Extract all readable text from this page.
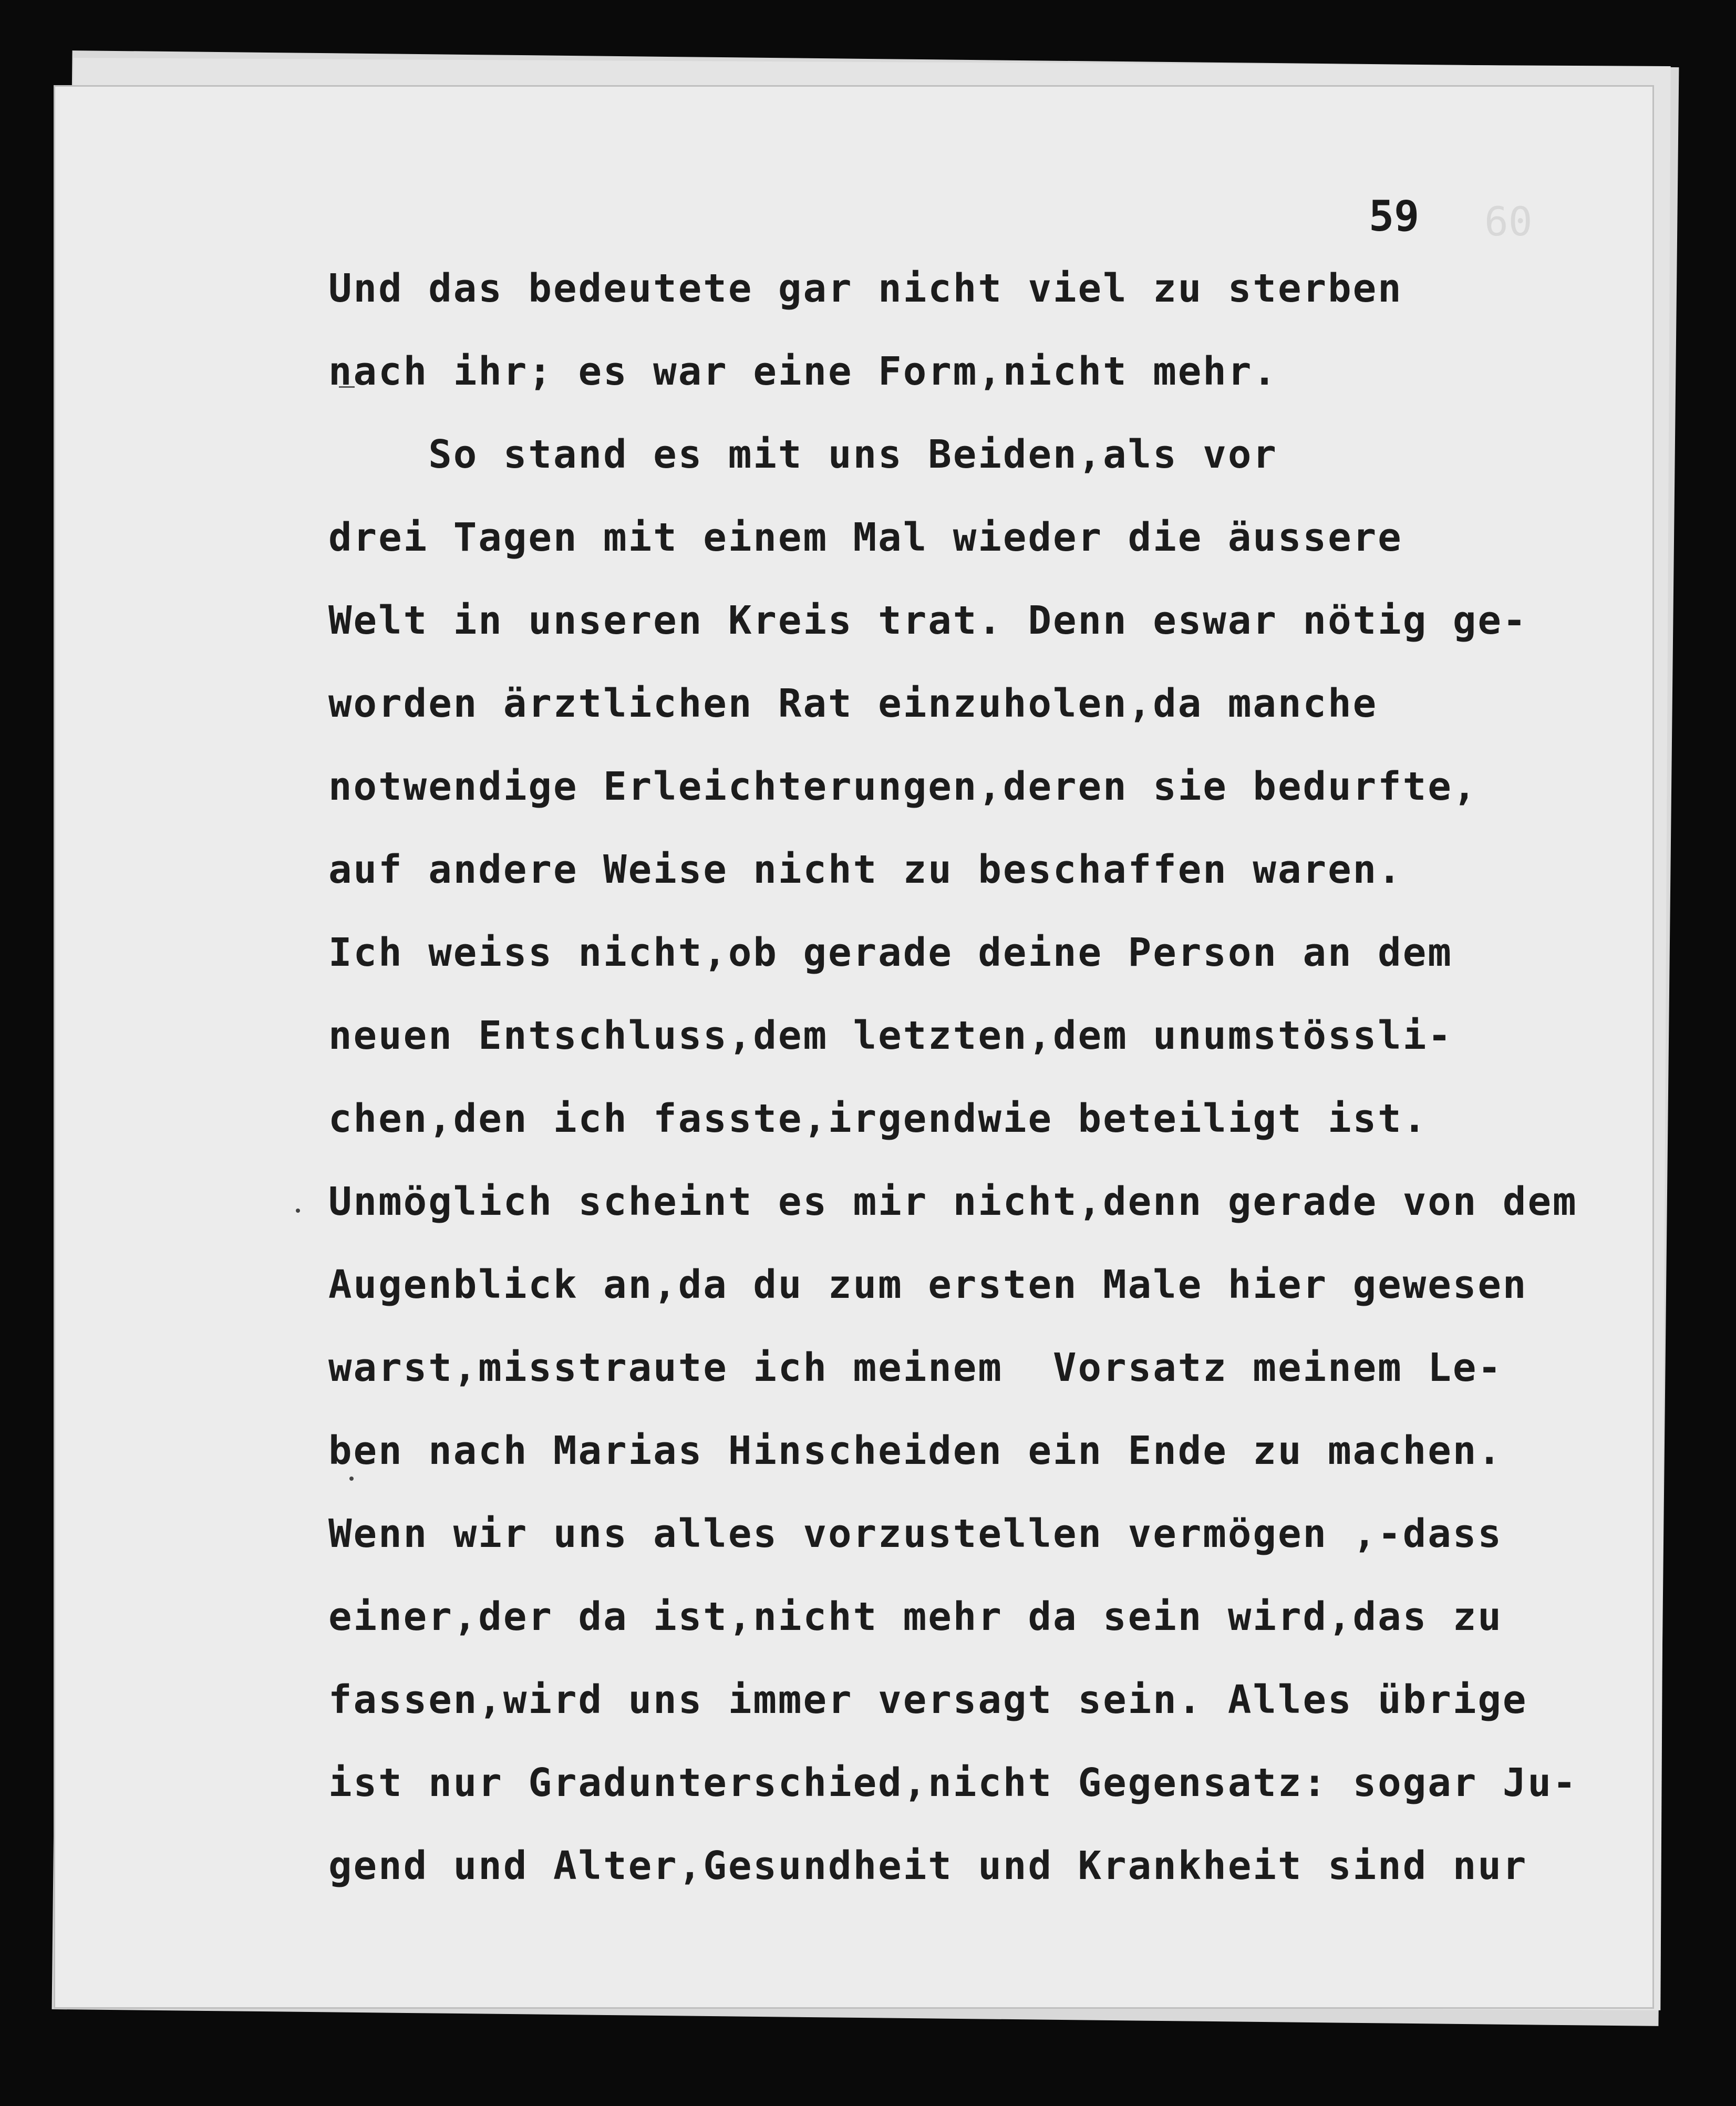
60
59
Und das bedeutete gar nicht viel zu sterben
nach ihr; es war eine Form,nicht mehr.
So stand es mit uns Beiden,als vor
drei Tagen mit einem Mal wieder die äussere
Welt in unseren Kreis trat. Denn eswar nötig ge-
worden ärztlichen Rat einzuholen,da manche
notwendige Erleichterungen,deren sie bedurfte,
auf andere Weise nicht zu beschaffen waren.
Ich weiss nicht,ob gerade deine Person an dem
neuen Entschluss,dem letzten,dem unumstössli-
chen,den ich fasste,irgendwie beteiligt ist.
Unmöglich scheint es mir nicht,denn gerade von dem
Augenblick an,da du zum ersten Male hier gewesen
warst,misstraute ich meinem  Vorsatz meinem Le-
ben nach Marias Hinscheiden ein Ende zu machen.
Wenn wir uns alles vorzustellen vermögen ,-dass
einer,der da ist,nicht mehr da sein wird,das zu
fassen,wird uns immer versagt sein. Alles übrige
ist nur Gradunterschied,nicht Gegensatz: sogar Ju-
gend und Alter,Gesundheit und Krankheit sind nur
